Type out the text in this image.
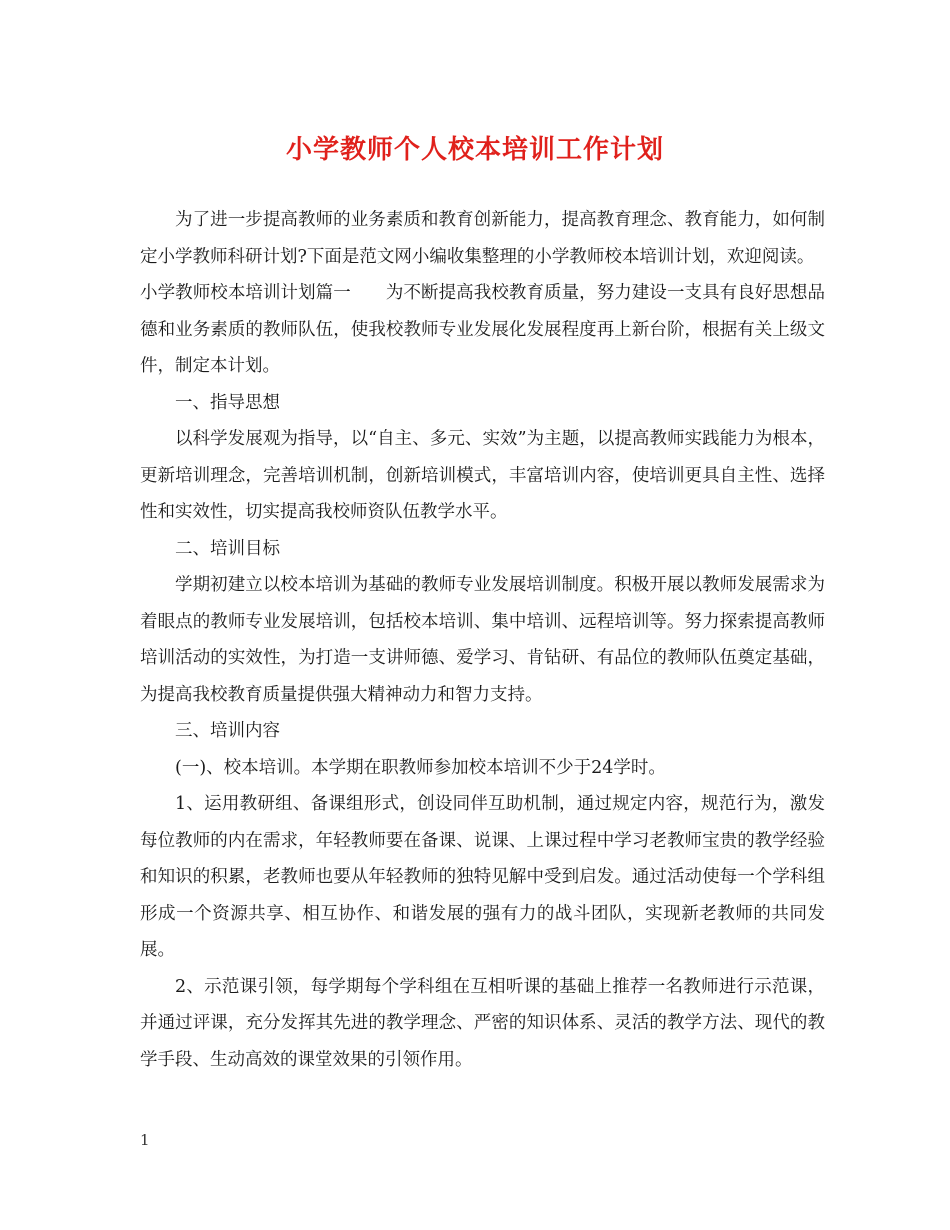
小学教师个人校本培训工作计划

为了进一步提高教师的业务素质和教育创新能力，提高教育理念、教育能力，如何制定小学教师科研计划?下面是范文网小编收集整理的小学教师校本培训计划，欢迎阅读。

小学教师校本培训计划篇一　　为不断提高我校教育质量，努力建设一支具有良好思想品德和业务素质的教师队伍，使我校教师专业发展化发展程度再上新台阶，根据有关上级文件，制定本计划。

一、指导思想

以科学发展观为指导，以“自主、多元、实效”为主题，以提高教师实践能力为根本，更新培训理念，完善培训机制，创新培训模式，丰富培训内容，使培训更具自主性、选择性和实效性，切实提高我校师资队伍教学水平。

二、培训目标

学期初建立以校本培训为基础的教师专业发展培训制度。积极开展以教师发展需求为着眼点的教师专业发展培训，包括校本培训、集中培训、远程培训等。努力探索提高教师培训活动的实效性，为打造一支讲师德、爱学习、肯钻研、有品位的教师队伍奠定基础，为提高我校教育质量提供强大精神动力和智力支持。

三、培训内容

(一)、校本培训。本学期在职教师参加校本培训不少于24学时。

1、运用教研组、备课组形式，创设同伴互助机制，通过规定内容，规范行为，激发每位教师的内在需求，年轻教师要在备课、说课、上课过程中学习老教师宝贵的教学经验和知识的积累，老教师也要从年轻教师的独特见解中受到启发。通过活动使每一个学科组形成一个资源共享、相互协作、和谐发展的强有力的战斗团队，实现新老教师的共同发展。

2、示范课引领，每学期每个学科组在互相听课的基础上推荐一名教师进行示范课，并通过评课，充分发挥其先进的教学理念、严密的知识体系、灵活的教学方法、现代的教学手段、生动高效的课堂效果的引领作用。

1
